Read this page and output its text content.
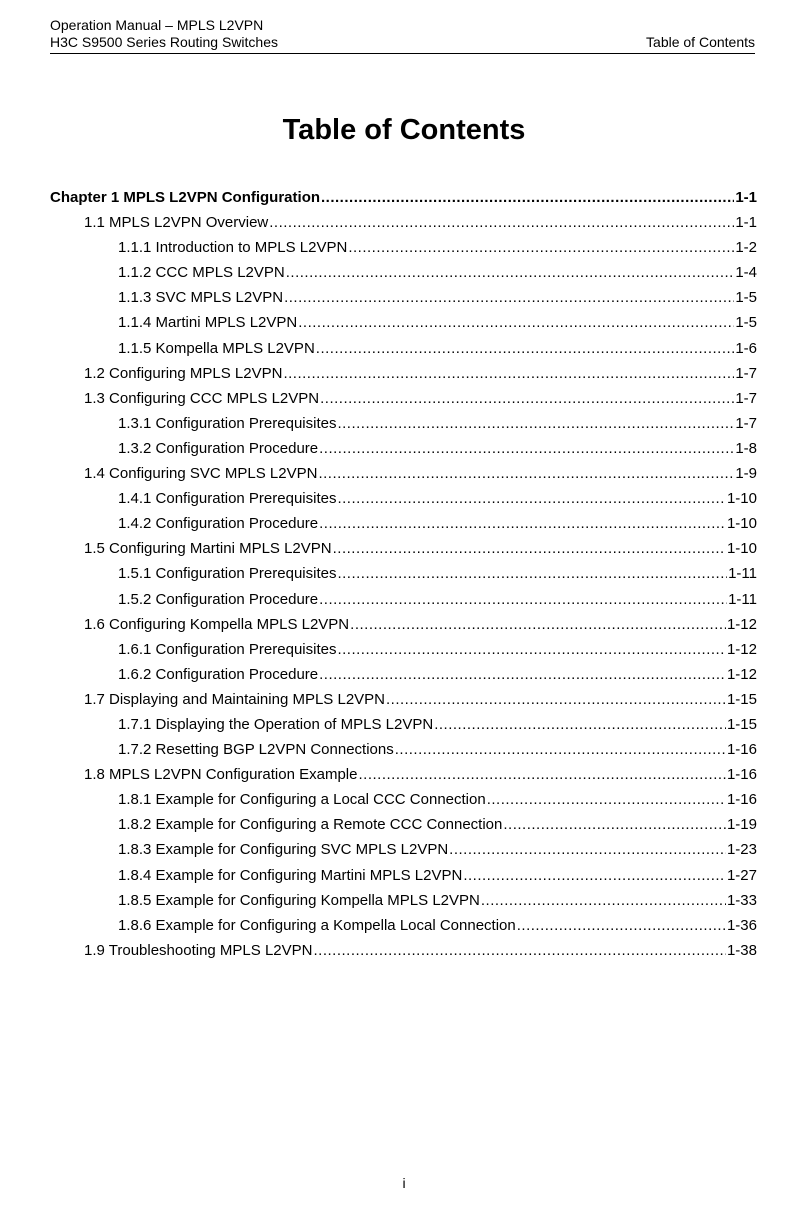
Operation Manual – MPLS L2VPN
H3C S9500 Series Routing Switches	Table of Contents
Table of Contents
Chapter 1 MPLS L2VPN Configuration .....	1-1
1.1 MPLS L2VPN Overview .....	1-1
1.1.1 Introduction to MPLS L2VPN .....	1-2
1.1.2 CCC MPLS L2VPN .....	1-4
1.1.3 SVC MPLS L2VPN .....	1-5
1.1.4 Martini MPLS L2VPN .....	1-5
1.1.5 Kompella MPLS L2VPN .....	1-6
1.2 Configuring MPLS L2VPN .....	1-7
1.3 Configuring CCC MPLS L2VPN .....	1-7
1.3.1 Configuration Prerequisites .....	1-7
1.3.2 Configuration Procedure .....	1-8
1.4 Configuring SVC MPLS L2VPN .....	1-9
1.4.1 Configuration Prerequisites .....	1-10
1.4.2 Configuration Procedure .....	1-10
1.5 Configuring Martini MPLS L2VPN .....	1-10
1.5.1 Configuration Prerequisites .....	1-11
1.5.2 Configuration Procedure .....	1-11
1.6 Configuring Kompella MPLS L2VPN .....	1-12
1.6.1 Configuration Prerequisites .....	1-12
1.6.2 Configuration Procedure .....	1-12
1.7 Displaying and Maintaining MPLS L2VPN .....	1-15
1.7.1 Displaying the Operation of MPLS L2VPN .....	1-15
1.7.2 Resetting BGP L2VPN Connections .....	1-16
1.8 MPLS L2VPN Configuration Example .....	1-16
1.8.1 Example for Configuring a Local CCC Connection .....	1-16
1.8.2 Example for Configuring a Remote CCC Connection .....	1-19
1.8.3 Example for Configuring SVC MPLS L2VPN .....	1-23
1.8.4 Example for Configuring Martini MPLS L2VPN .....	1-27
1.8.5 Example for Configuring Kompella MPLS L2VPN .....	1-33
1.8.6 Example for Configuring a Kompella Local Connection .....	1-36
1.9 Troubleshooting MPLS L2VPN .....	1-38
i
